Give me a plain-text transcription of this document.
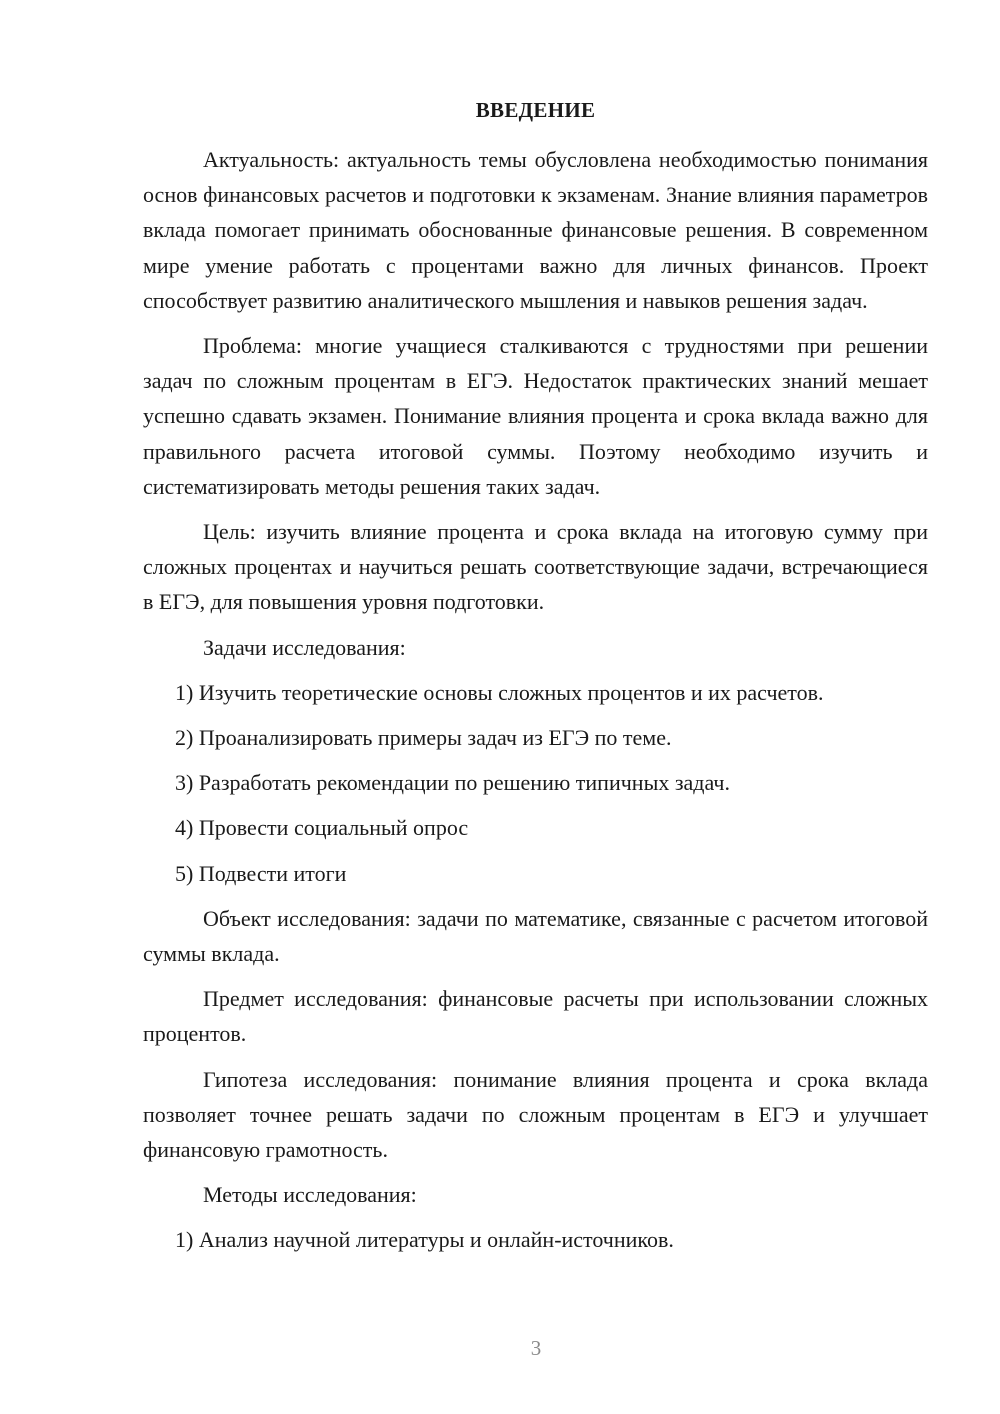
ВВЕДЕНИЕ

Актуальность: актуальность темы обусловлена необходимостью понимания основ финансовых расчетов и подготовки к экзаменам. Знание влияния параметров вклада помогает принимать обоснованные финансовые решения. В современном мире умение работать с процентами важно для личных финансов. Проект способствует развитию аналитического мышления и навыков решения задач.

Проблема: многие учащиеся сталкиваются с трудностями при решении задач по сложным процентам в ЕГЭ. Недостаток практических знаний мешает успешно сдавать экзамен. Понимание влияния процента и срока вклада важно для правильного расчета итоговой суммы. Поэтому необходимо изучить и систематизировать методы решения таких задач.

Цель: изучить влияние процента и срока вклада на итоговую сумму при сложных процентах и научиться решать соответствующие задачи, встречающиеся в ЕГЭ, для повышения уровня подготовки.

Задачи исследования:

1) Изучить теоретические основы сложных процентов и их расчетов.
2) Проанализировать примеры задач из ЕГЭ по теме.
3) Разработать рекомендации по решению типичных задач.
4) Провести социальный опрос
5) Подвести итоги

Объект исследования: задачи по математике, связанные с расчетом итоговой суммы вклада.

Предмет исследования: финансовые расчеты при использовании сложных процентов.

Гипотеза исследования: понимание влияния процента и срока вклада позволяет точнее решать задачи по сложным процентам в ЕГЭ и улучшает финансовую грамотность.

Методы исследования:

1) Анализ научной литературы и онлайн-источников.
3
